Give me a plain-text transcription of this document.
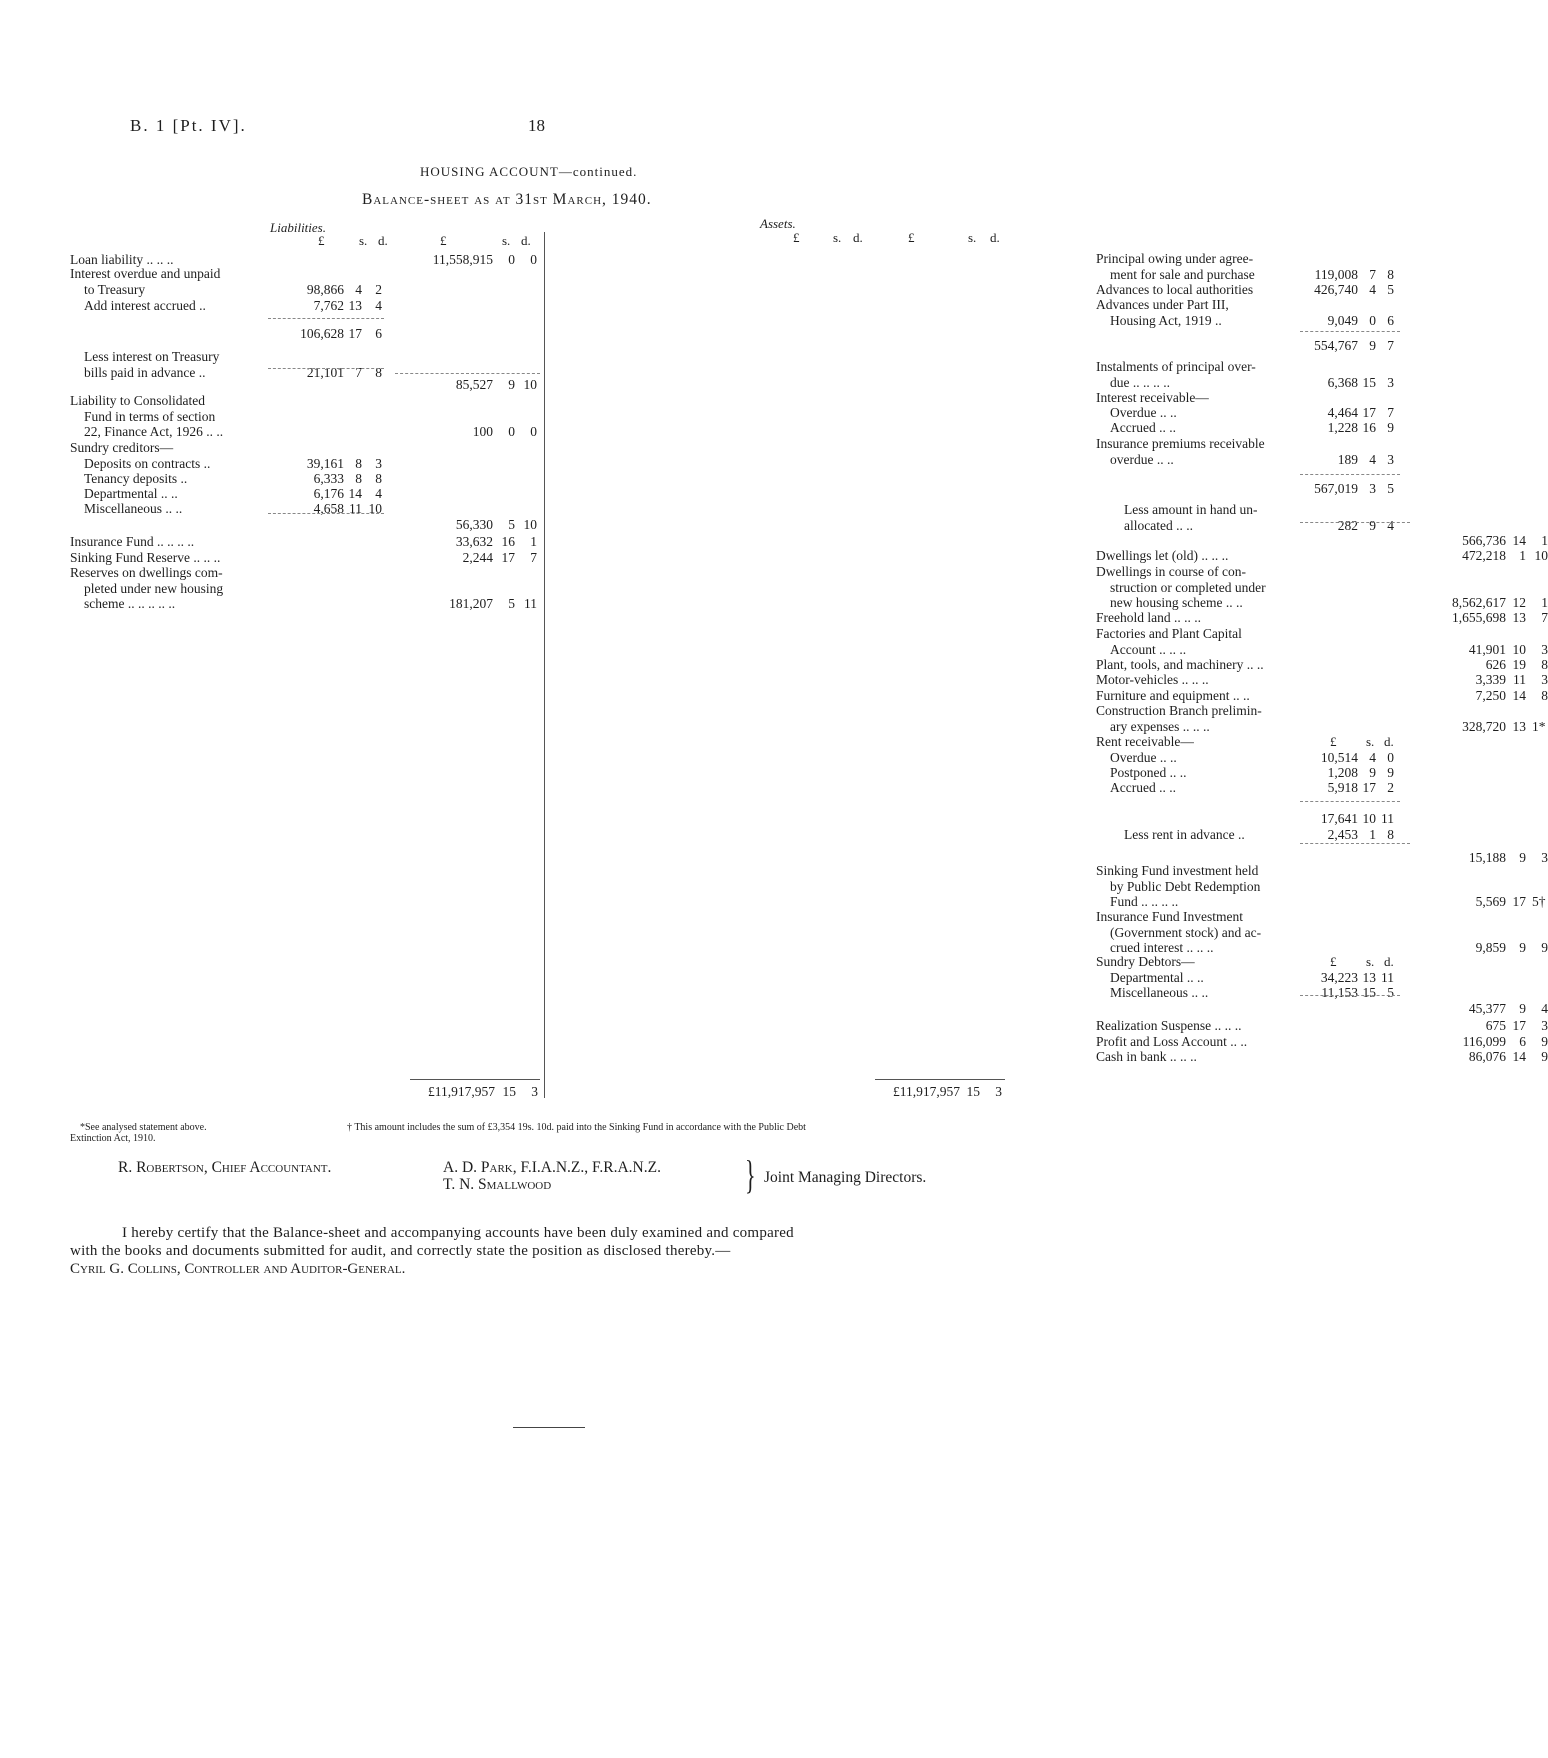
B. 1 [Pt. IV].	18
HOUSING ACCOUNT—continued.
Balance-sheet as at 31st March, 1940.
Liabilities.	Assets.
£	s. d.	£	s. d.	£	s. d.	£	s. d.
Loan liability .. .. ..	11,558,915	0	0
Interest overdue and unpaid
to Treasury	98,866 4 2
Add interest accrued ..	7,762 13 4
106,628 17 6
Less interest on Treasury
bills paid in advance ..	21,101 7 8
85,527	9 10
Liability to Consolidated
Fund in terms of section
22, Finance Act, 1926 .. ..	100	0	0
Sundry creditors—
Deposits on contracts ..	39,161 8 3
Tenancy deposits ..	6,333 8 8
Departmental .. ..	6,176 14 4
Miscellaneous .. ..	4,658 11 10
56,330	5 10
Insurance Fund .. .. .. ..	33,632 16	1
Sinking Fund Reserve .. .. ..	2,244 17	7
Reserves on dwellings com-
pleted under new housing
scheme .. .. .. .. ..	181,207	5 11
Principal owing under agree-
ment for sale and purchase	119,008 7 8
Advances to local authorities	426,740 4 5
Advances under Part III,
Housing Act, 1919 ..	9,049 0 6
554,767 9 7
Instalments of principal over-
due .. .. .. ..	6,368 15 3
Interest receivable—
Overdue .. ..	4,464 17 7
Accrued .. ..	1,228 16 9
Insurance premiums receivable
overdue .. ..	189 4 3
567,019 3 5
Less amount in hand un-
allocated .. ..	282 9 4
566,736 14	1
Dwellings let (old) .. .. ..	472,218 1 10
Dwellings in course of con-
struction or completed under
new housing scheme .. ..	8,562,617 12	1
Freehold land .. .. ..	1,655,698 13	7
Factories and Plant Capital
Account .. .. ..	41,901 10	3
Plant, tools, and machinery .. ..	626 19	8
Motor-vehicles .. .. ..	3,339 11	3
Furniture and equipment .. ..	7,250 14	8
Construction Branch prelimin-
ary expenses .. .. ..	328,720 13 1*
Rent receivable—	£ s. d.
Overdue .. ..	10,514 4 0
Postponed .. ..	1,208 9 9
Accrued .. ..	5,918 17 2
17,641 10 11
Less rent in advance ..	2,453 1 8
15,188 9	3
Sinking Fund investment held
by Public Debt Redemption
Fund .. .. .. ..	5,569 17 5†
Insurance Fund Investment
(Government stock) and ac-
crued interest .. .. ..	9,859 9	9
Sundry Debtors—	£ s. d.
Departmental .. ..	34,223 13 11
Miscellaneous .. ..	11,153 15 5
45,377 9	4
Realization Suspense .. .. ..	675 17	3
Profit and Loss Account .. ..	116,099 6	9
Cash in bank .. .. ..	86,076 14	9
£11,917,957 15	3	£11,917,957 15	3
*See analysed statement above.
Extinction Act, 1910.
† This amount includes the sum of £3,354 19s. 10d. paid into the Sinking Fund in accordance with the Public Debt
R. Robertson, Chief Accountant.	A. D. Park, F.I.A.N.Z., F.R.A.N.Z.
T. N. Smallwood	} Joint Managing Directors.
I hereby certify that the Balance-sheet and accompanying accounts have been duly examined and compared
with the books and documents submitted for audit, and correctly state the position as disclosed thereby.—
Cyril G. Collins, Controller and Auditor-General.
